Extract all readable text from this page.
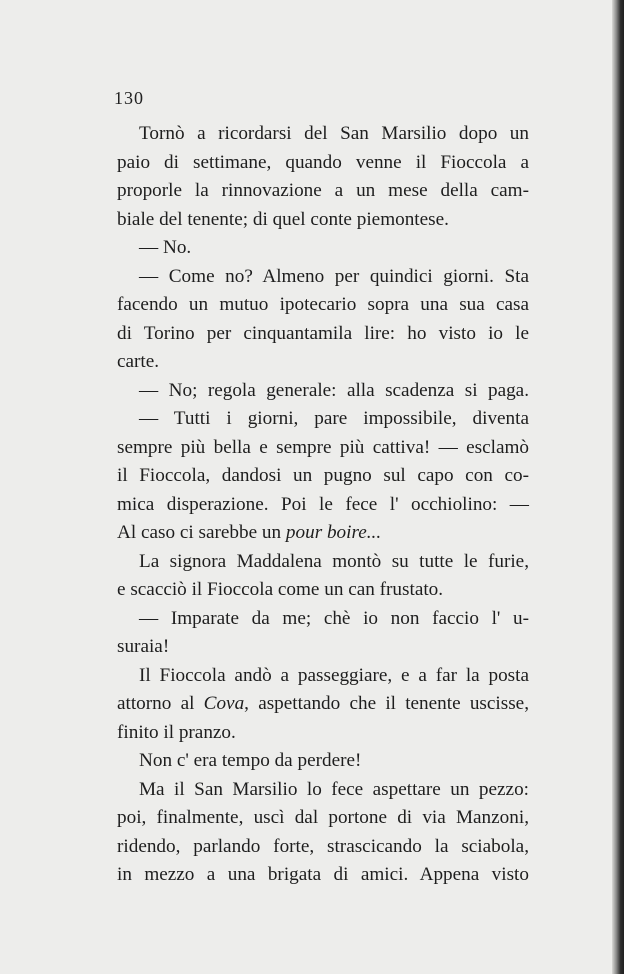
130
Tornò a ricordarsi del San Marsilio dopo un
paio di settimane, quando venne il Fioccola a
proporle la rinnovazione a un mese della cam-
biale del tenente; di quel conte piemontese.
— No.
— Come no? Almeno per quindici giorni. Sta
facendo un mutuo ipotecario sopra una sua casa
di Torino per cinquantamila lire: ho visto io le
carte.
— No; regola generale: alla scadenza si paga.
— Tutti i giorni, pare impossibile, diventa
sempre più bella e sempre più cattiva! — esclamò
il Fioccola, dandosi un pugno sul capo con co-
mica disperazione. Poi le fece l' occhiolino: —
Al caso ci sarebbe un pour boire...
La signora Maddalena montò su tutte le furie,
e scacciò il Fioccola come un can frustato.
— Imparate da me; chè io non faccio l' u-
suraia!
Il Fioccola andò a passeggiare, e a far la posta
attorno al Cova, aspettando che il tenente uscisse,
finito il pranzo.
Non c' era tempo da perdere!
Ma il San Marsilio lo fece aspettare un pezzo:
poi, finalmente, uscì dal portone di via Manzoni,
ridendo, parlando forte, strascicando la sciabola,
in mezzo a una brigata di amici. Appena visto
